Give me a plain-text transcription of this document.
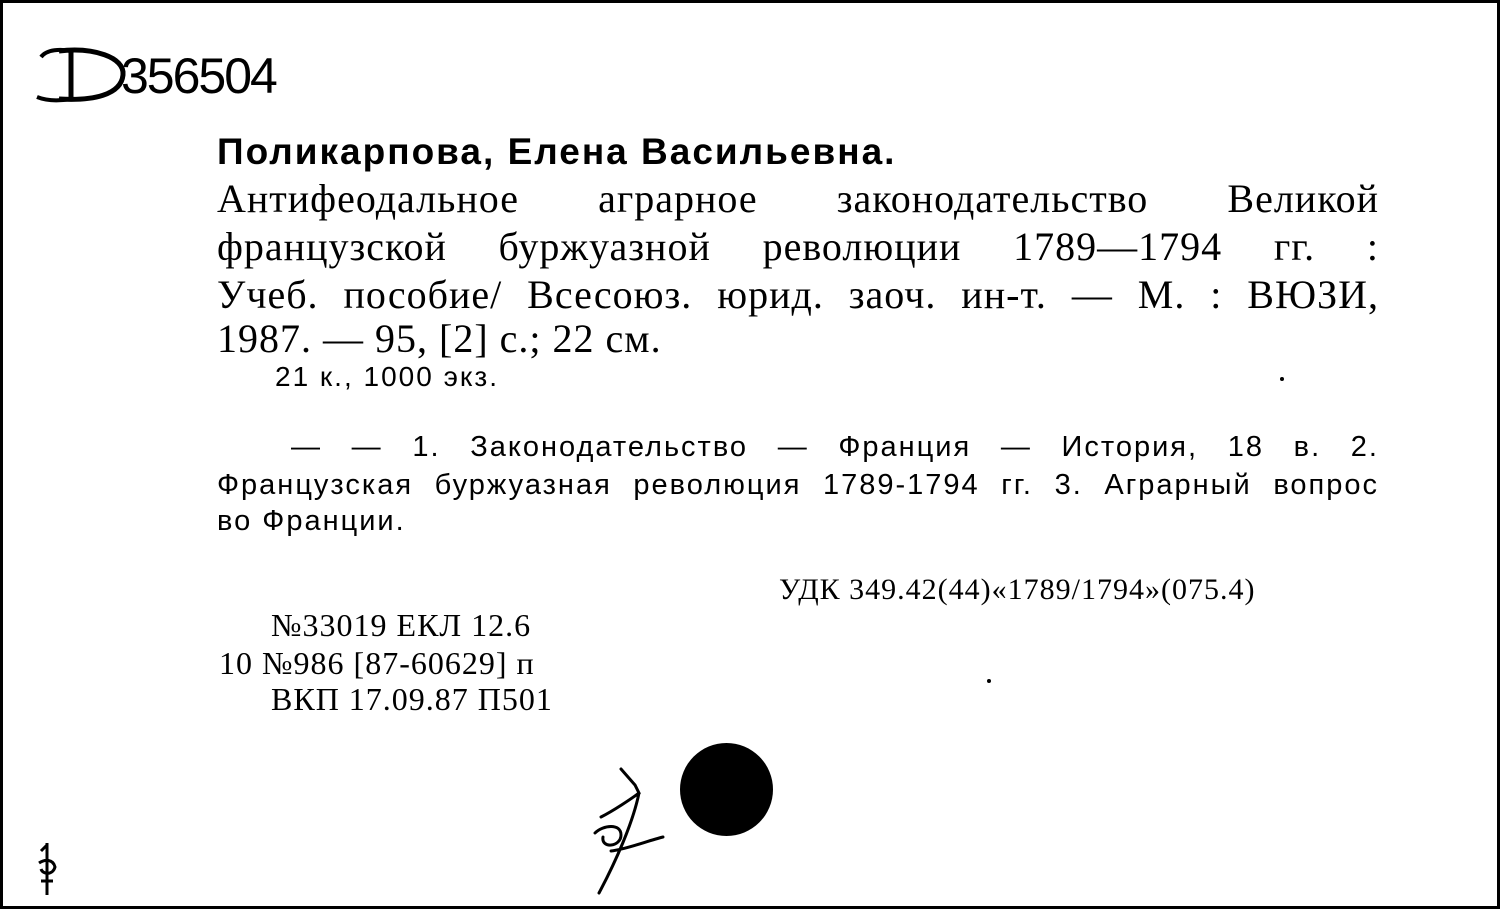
356504
Поликарпова, Елена Васильевна.
Антифеодальное аграрное законодательство Великой
французской буржуазной революции 1789—1794 гг. :
Учеб. пособие/ Всесоюз. юрид. заоч. ин-т. — М. : ВЮЗИ,
1987. — 95, [2] с.; 22 см.
21 к., 1000 экз.
— — 1. Законодательство — Франция — История, 18 в. 2.
Французская буржуазная революция 1789-1794 гг. 3. Аграрный вопрос
во Франции.
УДК 349.42(44)«1789/1794»(075.4)
№33019 ЕКЛ 12.6
10 №986 [87-60629] п
ВКП 17.09.87 П501
